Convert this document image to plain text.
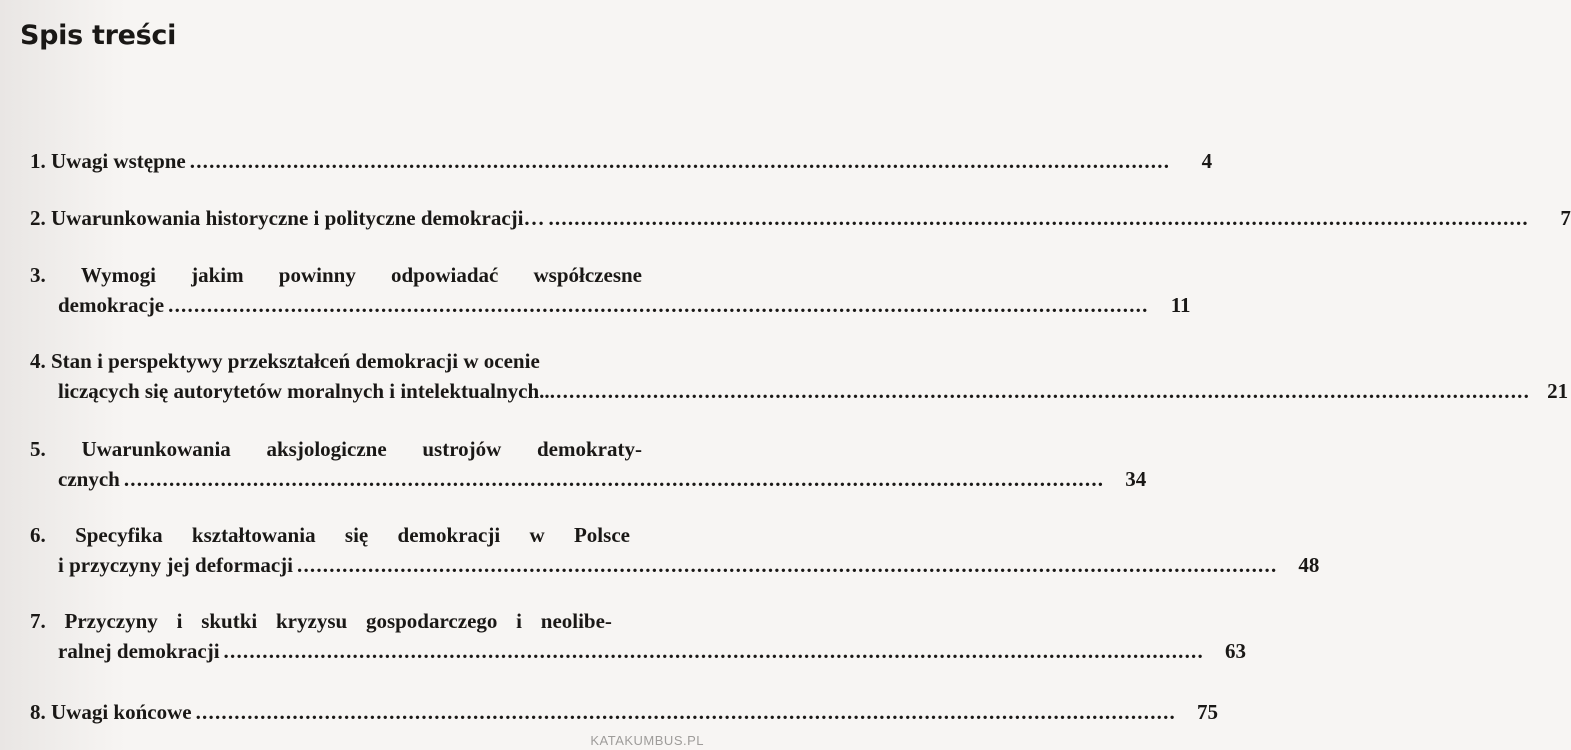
Spis treści
1. Uwagi wstępne ........................................................................................................................................................	4
2. Uwarunkowania historyczne i polityczne demokracji… ........................................................................................................................................................	7
3. Wymogi jakim powinny odpowiadać współczesne
demokracje ........................................................................................................................................................	11
4. Stan i perspektywy przekształceń demokracji w ocenie
liczących się autorytetów moralnych i intelektualnych.. ........................................................................................................................................................ 21
5. Uwarunkowania aksjologiczne ustrojów demokraty-
cznych ........................................................................................................................................................	34
6. Specyfika kształtowania się demokracji w Polsce
i przyczyny jej deformacji ........................................................................................................................................................	48
7. Przyczyny i skutki kryzysu gospodarczego i neolibe-
ralnej demokracji ........................................................................................................................................................	63
8. Uwagi końcowe ........................................................................................................................................................	75
KATAKUMBUS.PL
